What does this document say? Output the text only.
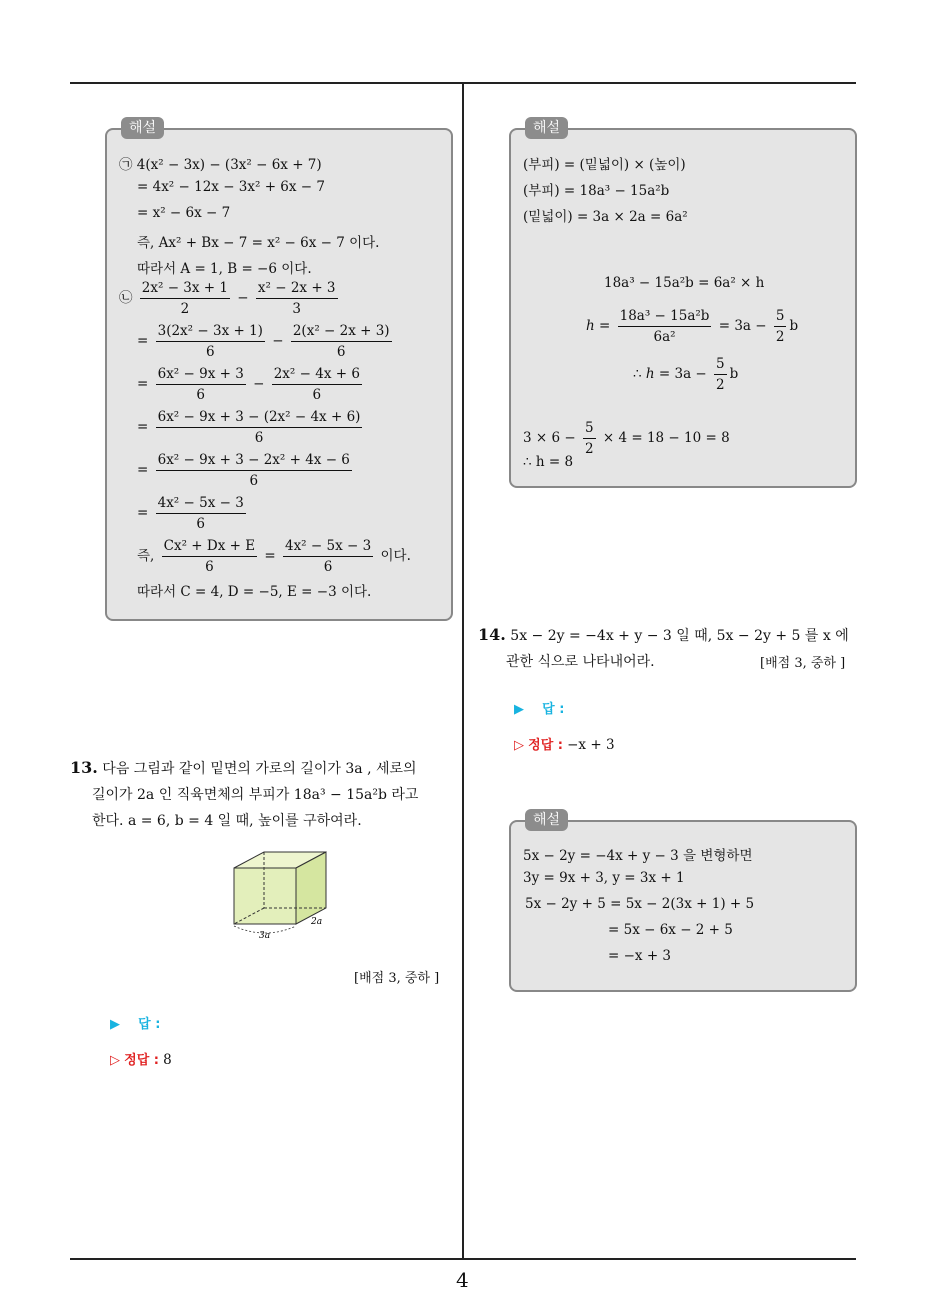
4
해설
㉠ 4(x² − 3x) − (3x² − 6x + 7)
= 4x² − 12x − 3x² + 6x − 7
= x² − 6x − 7
즉, Ax² + Bx − 7 = x² − 6x − 7 이다.
따라서 A = 1, B = −6 이다.
㉡ $\frac{\text{2x² − 3x + 1}}{2} - \frac{\text{x² − 2x + 3}}{3}$
= $\frac{\text{3(2x² − 3x + 1)}}{6} - \frac{\text{2(x² − 2x + 3)}}{6}$
= $\frac{\text{6x² − 9x + 3}}{6} - \frac{\text{2x² − 4x + 6}}{6}$
= $\frac{\text{6x² − 9x + 3 − (2x² − 4x + 6)}}{6}$
= $\frac{\text{6x² − 9x + 3 − 2x² + 4x − 6}}{6}$
= $\frac{\text{4x² − 5x − 3}}{6}$
즉, $\frac{\text{Cx² + Dx + E}}{6} = \frac{\text{4x² − 5x − 3}}{6}$ 이다.
따라서 C = 4, D = −5, E = −3 이다.
13. 다음 그림과 같이 밑면의 가로의 길이가 3a , 세로의
길이가 2a 인 직육면체의 부피가 18a³ − 15a²b 라고
한다. a = 6, b = 4 일 때, 높이를 구하여라.
3a
2a
[배점 3, 중하 ]
▶ 답 :
▷ 정답 : 8
해설
(부피) = (밑넓이) × (높이)
(부피) = 18a³ − 15a²b
(밑넓이) = 3a × 2a = 6a²
18a³ − 15a²b = 6a² × h
$h = \frac{\text{18a³ − 15a²b}}{\text{6a²}} = 3a - \frac{5}{2}$ b
∴ $h = 3a - \frac{5}{2}$ b
$3 \times 6 - \frac{5}{2} \times 4 = 18 - 10 = 8$
∴ h = 8
14. 5x − 2y = −4x + y − 3 일 때, 5x − 2y + 5 를 x 에
관한 식으로 나타내어라.	[배점 3, 중하 ]
▶ 답 :
▷ 정답 : −x + 3
해설
5x − 2y = −4x + y − 3 을 변형하면
3y = 9x + 3, y = 3x + 1
5x − 2y + 5 = 5x − 2(3x + 1) + 5
= 5x − 6x − 2 + 5
= −x + 3
